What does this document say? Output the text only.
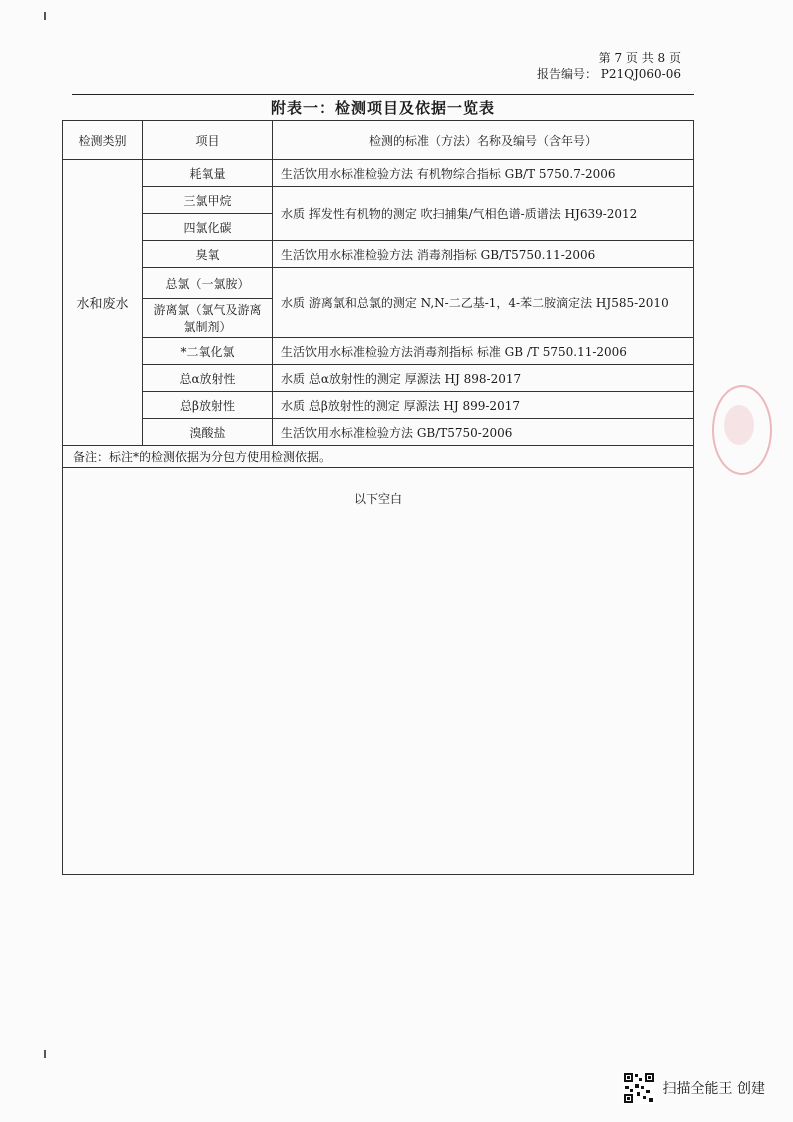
第 7 页 共 8 页
报告编号： P21QJ060-06
附表一：检测项目及依据一览表
检测类别	项目	检测的标准（方法）名称及编号（含年号）
水和废水	耗氧量	生活饮用水标准检验方法 有机物综合指标 GB/T 5750.7-2006
	三氯甲烷	水质 挥发性有机物的测定 吹扫捕集/气相色谱-质谱法 HJ639-2012
	四氯化碳	
	臭氧	生活饮用水标准检验方法 消毒剂指标 GB/T5750.11-2006
	总氯（一氯胺）	水质 游离氯和总氯的测定 N,N-二乙基-1，4-苯二胺滴定法 HJ585-2010
	游离氯（氯气及游离氯制剂）	
	*二氧化氯	生活饮用水标准检验方法消毒剂指标 标准 GB /T 5750.11-2006
	总α放射性	水质 总α放射性的测定 厚源法 HJ 898-2017
	总β放射性	水质 总β放射性的测定 厚源法 HJ 899-2017
	溴酸盐	生活饮用水标准检验方法 GB/T5750-2006
备注：标注*的检测依据为分包方使用检测依据。		
以下空白
扫描全能王 创建
